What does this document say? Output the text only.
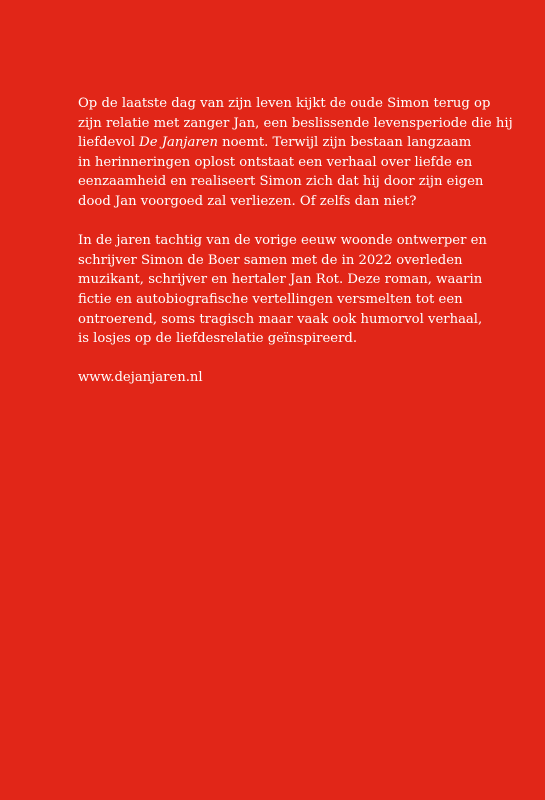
Op de laatste dag van zijn leven kijkt de oude Simon terug op
zijn relatie met zanger Jan, een beslissende levensperiode die hij
liefdevol De Janjaren noemt. Terwijl zijn bestaan langzaam
in herinneringen oplost ontstaat een verhaal over liefde en
eenzaamheid en realiseert Simon zich dat hij door zijn eigen
dood Jan voorgoed zal verliezen. Of zelfs dan niet?

In de jaren tachtig van de vorige eeuw woonde ontwerper en
schrijver Simon de Boer samen met de in 2022 overleden
muzikant, schrijver en hertaler Jan Rot. Deze roman, waarin
fictie en autobiografische vertellingen versmelten tot een
ontroerend, soms tragisch maar vaak ook humorvol verhaal,
is losjes op de liefdesrelatie geïnspireerd.

www.dejanjaren.nl
